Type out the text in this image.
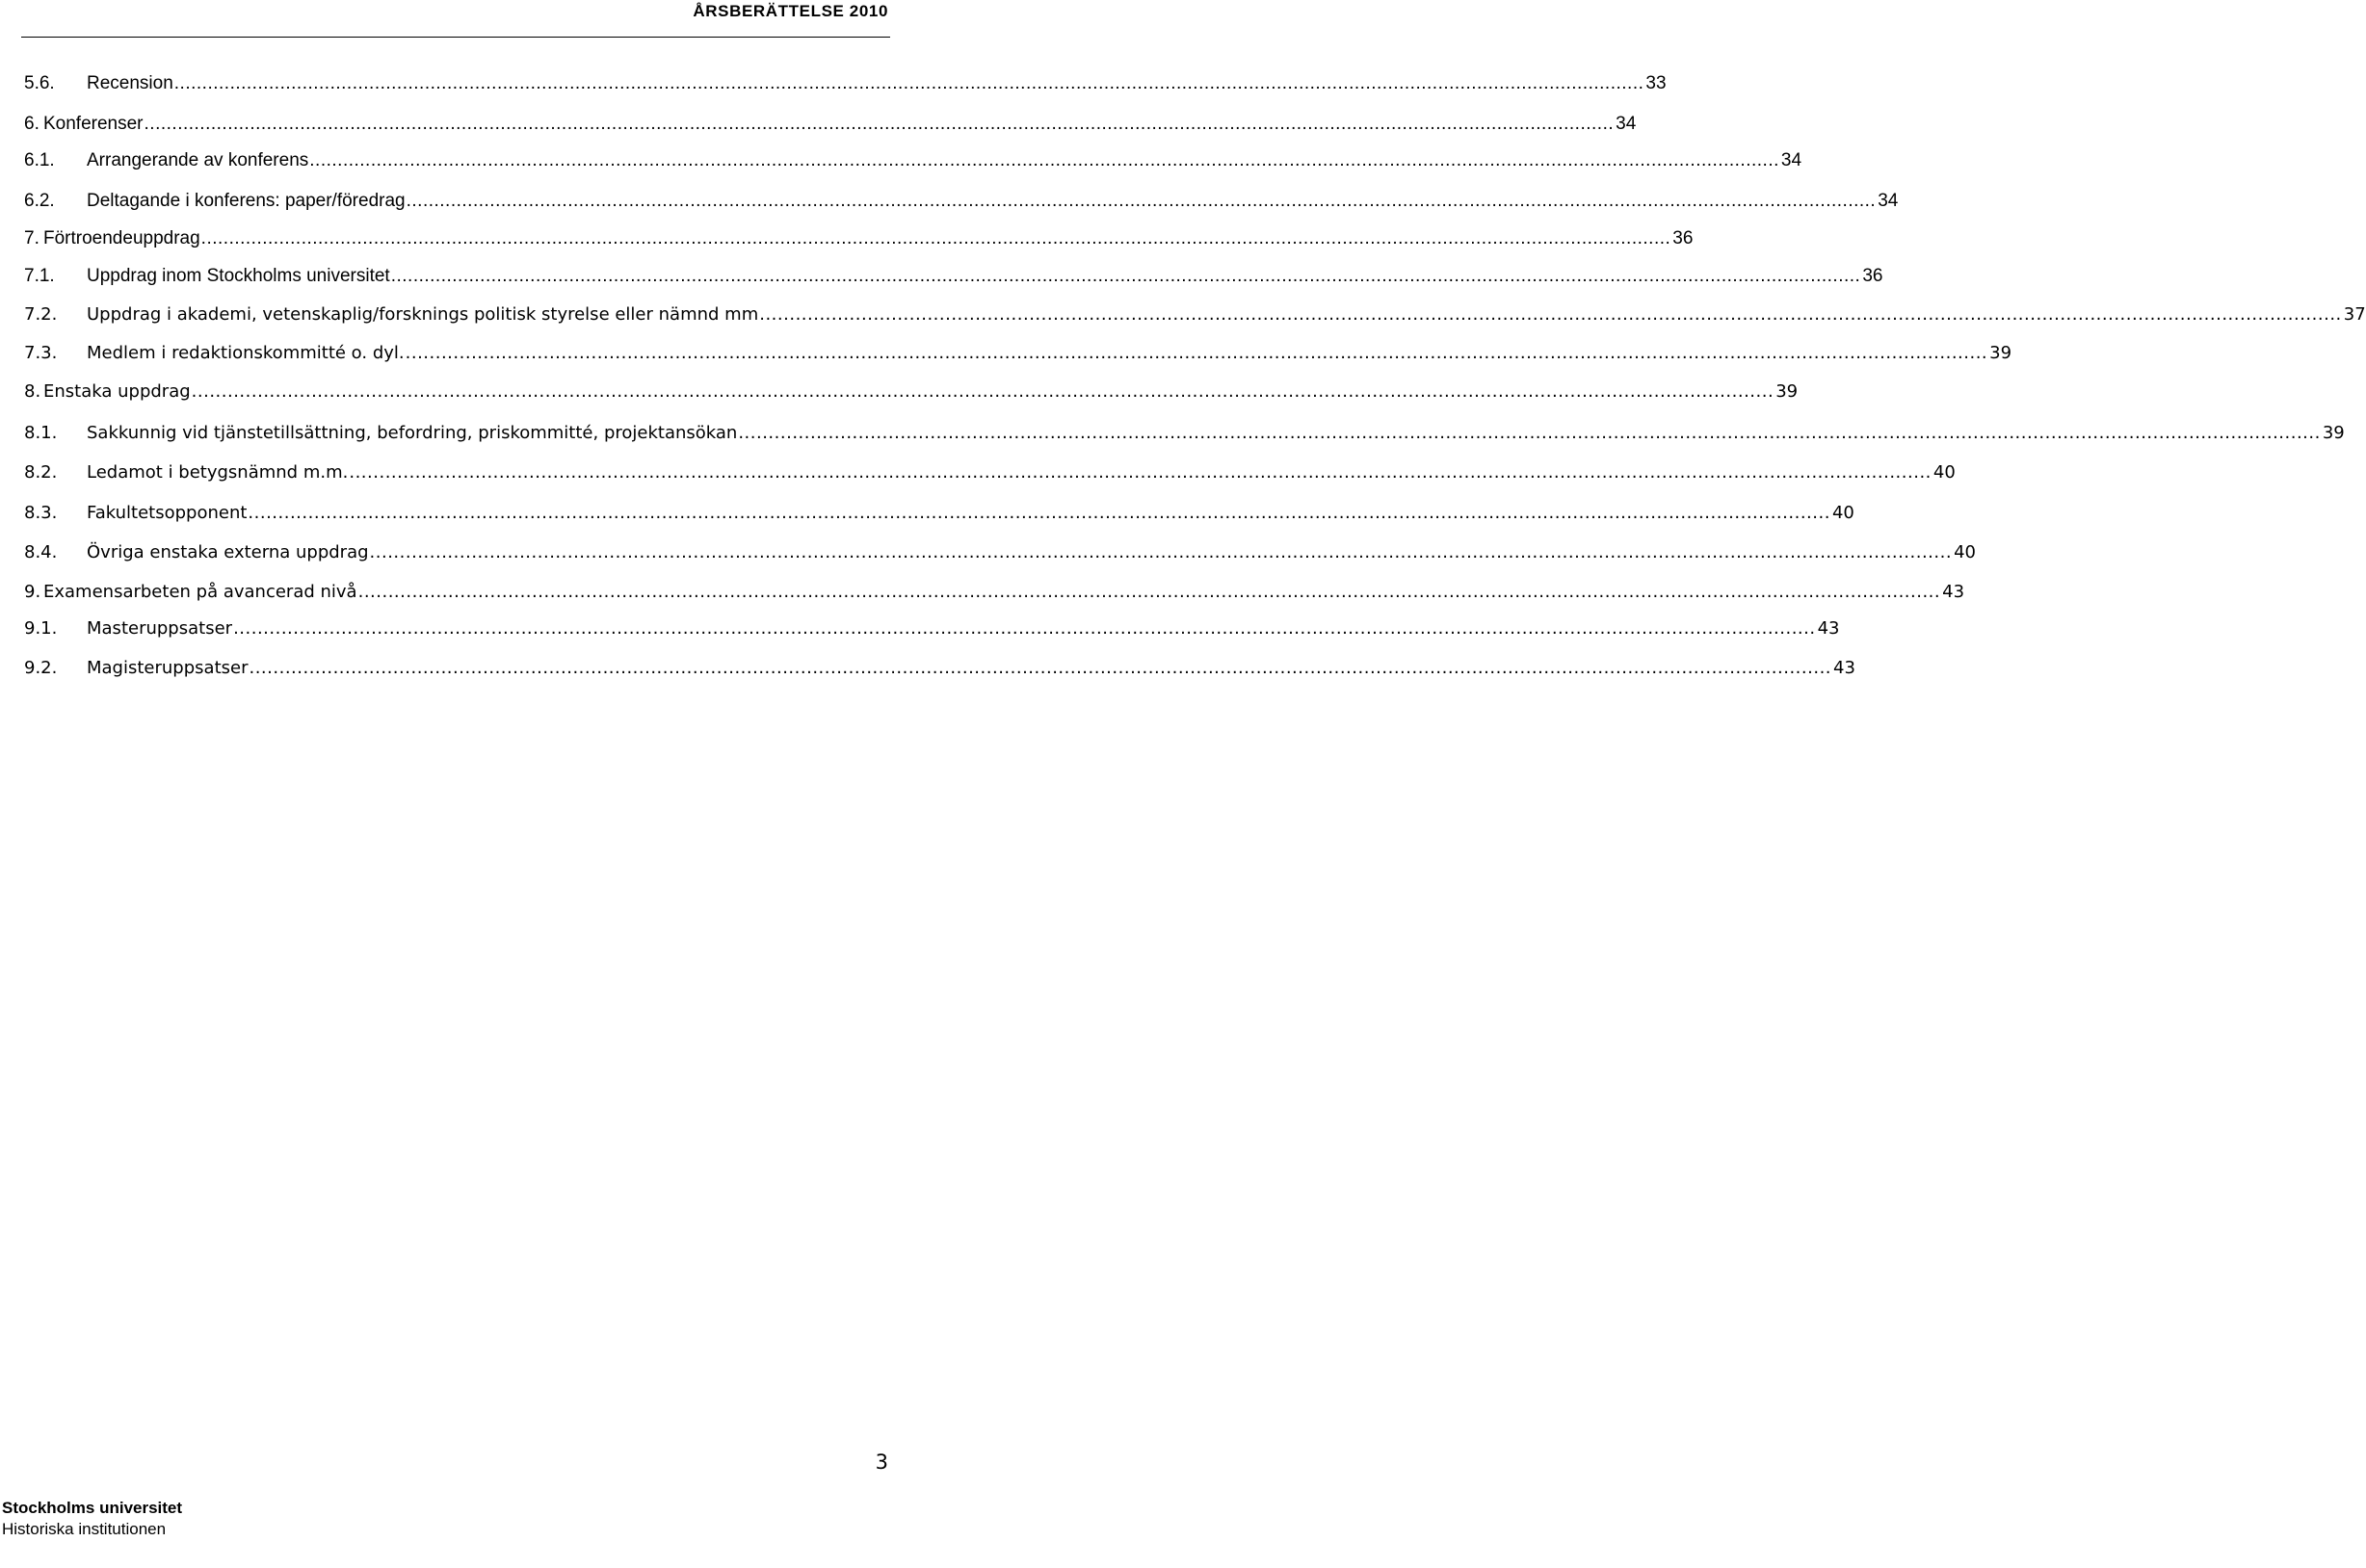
ÅRSBERÄTTELSE 2010
5.6.	Recension .....	33
6. Konferenser .....	34
6.1.	Arrangerande av konferens .....	34
6.2.	Deltagande i konferens: paper/föredrag .....	34
7. Förtroendeuppdrag .....	36
7.1.	Uppdrag inom Stockholms universitet .....	36
7.2.	Uppdrag i akademi, vetenskaplig/forsknings politisk styrelse eller nämnd mm .....	37
7.3.	Medlem i redaktionskommitté o. dyl. .....	39
8. Enstaka uppdrag .....	39
8.1.	Sakkunnig vid tjänstetillsättning, befordring, priskommitté, projektansökan .....	39
8.2.	Ledamot i betygsnämnd m.m. .....	40
8.3.	Fakultetsopponent .....	40
8.4.	Övriga enstaka externa uppdrag .....	40
9. Examensarbeten på avancerad nivå .....	43
9.1.	Masteruppsatser .....	43
9.2.	Magisteruppsatser .....	43
3
Stockholms universitet
Historiska institutionen
